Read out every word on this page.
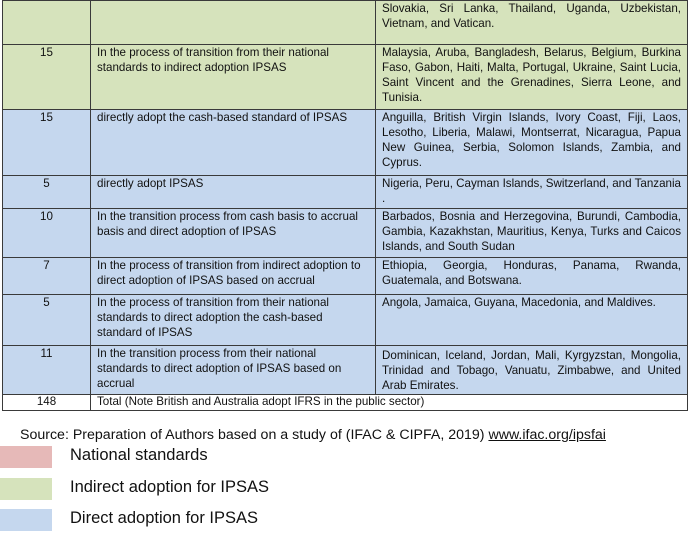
		Slovakia, Sri Lanka, Thailand, Uganda, Uzbekistan, Vietnam, and Vatican.
15	In the process of transition from their national standards to indirect adoption IPSAS	Malaysia, Aruba, Bangladesh, Belarus, Belgium, Burkina Faso, Gabon, Haiti, Malta, Portugal, Ukraine, Saint Lucia, Saint Vincent and the Grenadines, Sierra Leone, and Tunisia.
15	directly adopt the cash-based standard of IPSAS	Anguilla, British Virgin Islands, Ivory Coast, Fiji, Laos, Lesotho, Liberia, Malawi, Montserrat, Nicaragua, Papua New Guinea, Serbia, Solomon Islands, Zambia, and Cyprus.
5	directly adopt IPSAS	Nigeria, Peru, Cayman Islands, Switzerland, and Tanzania .
10	In the transition process from cash basis to accrual basis and direct adoption of IPSAS	Barbados, Bosnia and Herzegovina, Burundi, Cambodia, Gambia, Kazakhstan, Mauritius, Kenya, Turks and Caicos Islands, and South Sudan
7	In the process of transition from indirect adoption to direct adoption of IPSAS based on accrual	Ethiopia, Georgia, Honduras, Panama, Rwanda, Guatemala, and Botswana.
5	In the process of transition from their national standards to direct adoption the cash-based standard of IPSAS	Angola, Jamaica, Guyana, Macedonia, and Maldives.
11	In the transition process from their national standards to direct adoption of IPSAS based on accrual	Dominican, Iceland, Jordan, Mali, Kyrgyzstan, Mongolia, Trinidad and Tobago, Vanuatu, Zimbabwe, and United Arab Emirates.
148	Total (Note British and Australia adopt IFRS in the public sector)	
Source: Preparation of Authors based on a study of (IFAC & CIPFA, 2019) www.ifac.org/ipsfai
National standards
Indirect adoption for IPSAS
Direct adoption for IPSAS
